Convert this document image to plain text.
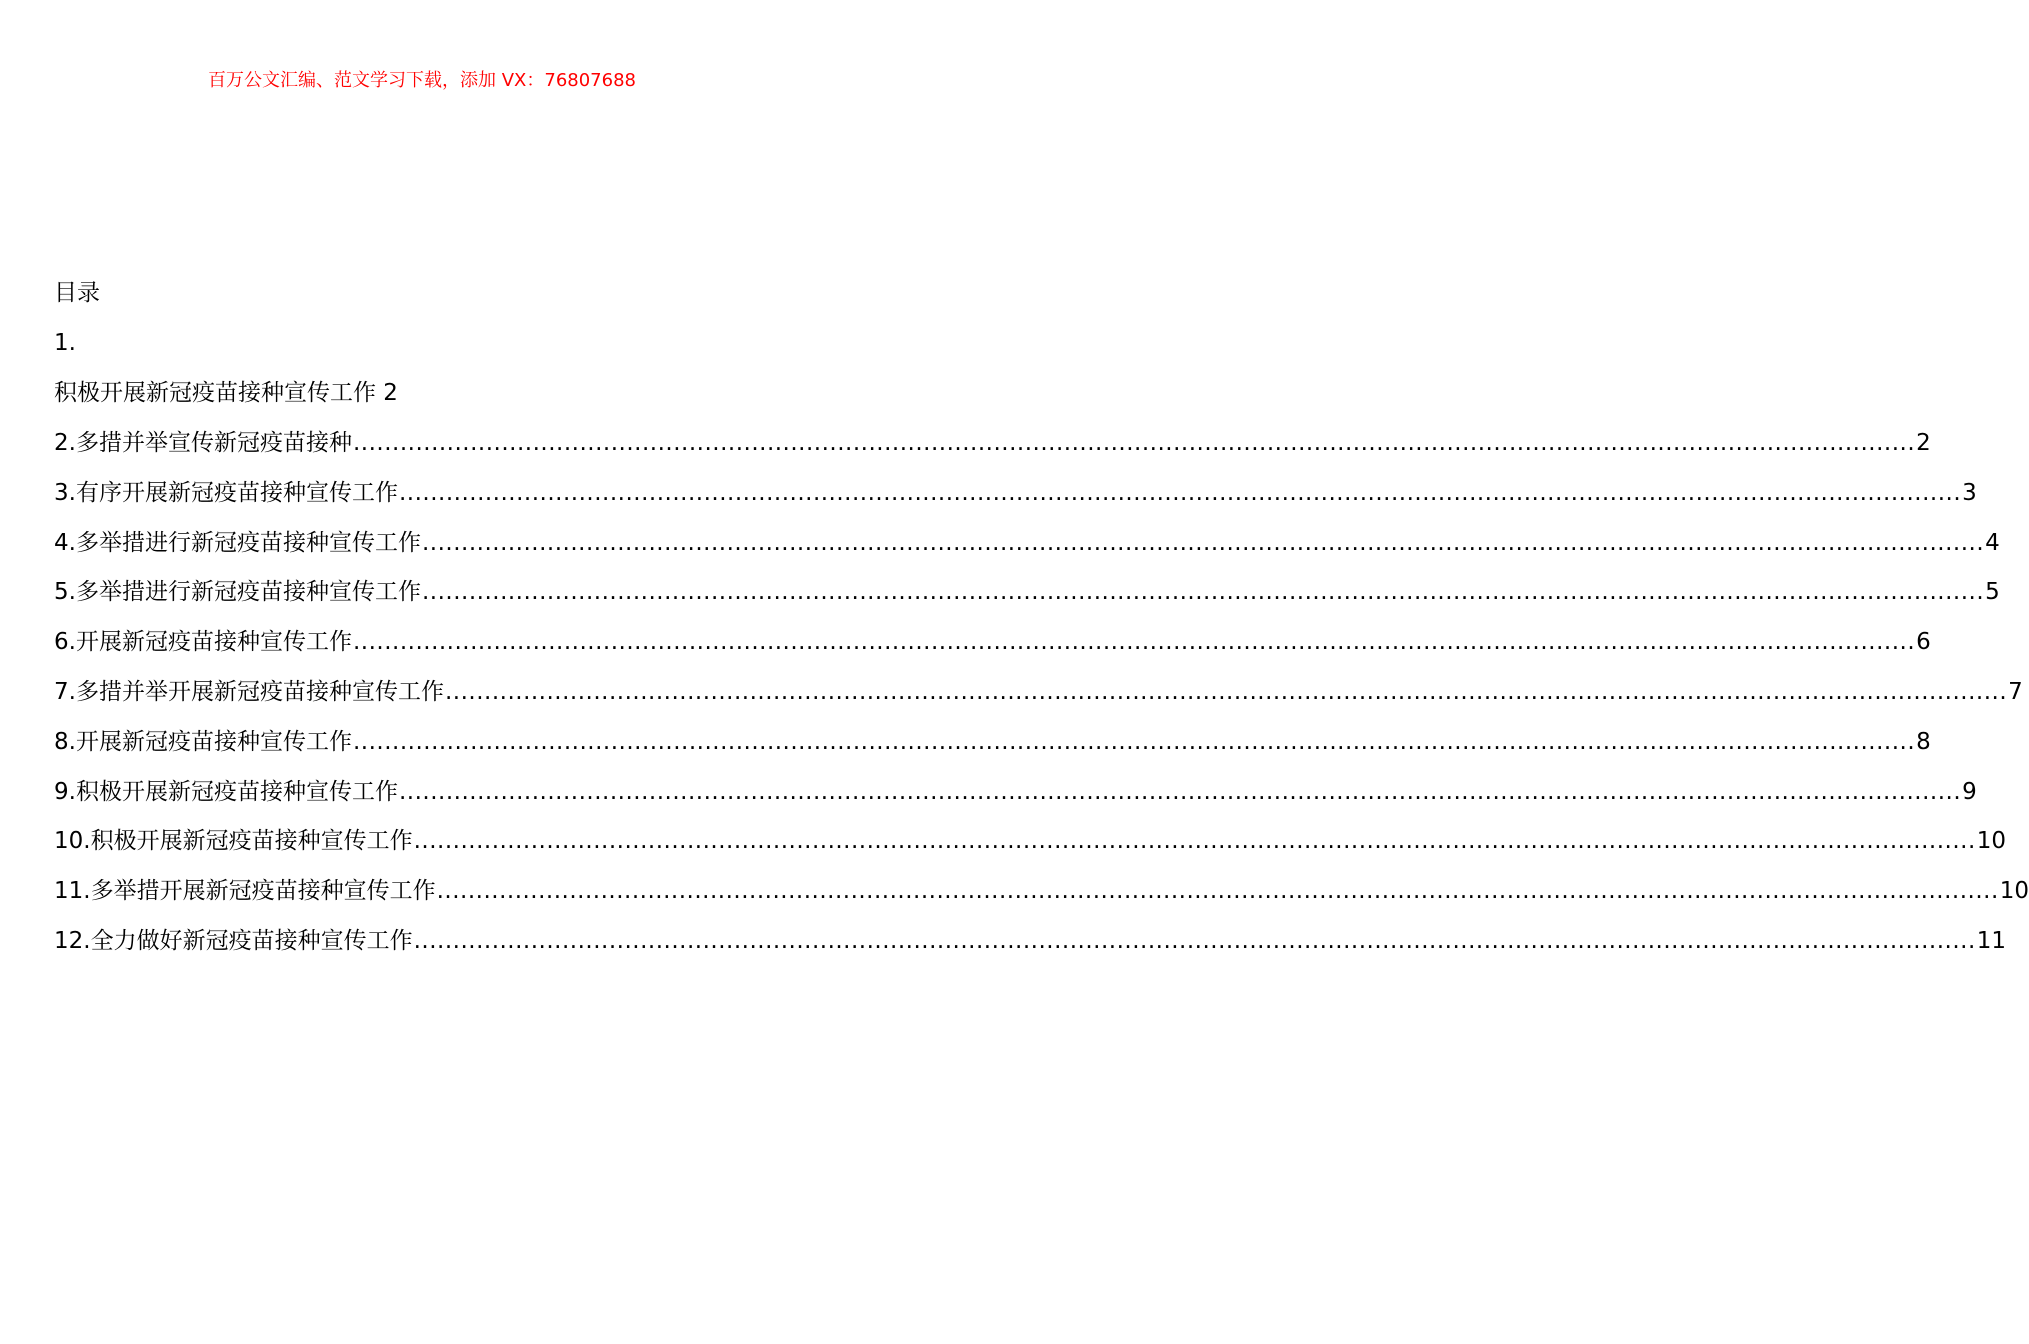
百万公文汇编、范文学习下载，添加 VX：76807688
目录
1.
积极开展新冠疫苗接种宣传工作 2
2.多措并举宣传新冠疫苗接种 ........................................................................................................................................................................................................ 2
3.有序开展新冠疫苗接种宣传工作 ........................................................................................................................................................................................................ 3
4.多举措进行新冠疫苗接种宣传工作 ........................................................................................................................................................................................................ 4
5.多举措进行新冠疫苗接种宣传工作 ........................................................................................................................................................................................................ 5
6.开展新冠疫苗接种宣传工作 ........................................................................................................................................................................................................ 6
7.多措并举开展新冠疫苗接种宣传工作 ........................................................................................................................................................................................................ 7
8.开展新冠疫苗接种宣传工作 ........................................................................................................................................................................................................ 8
9.积极开展新冠疫苗接种宣传工作 ........................................................................................................................................................................................................ 9
10.积极开展新冠疫苗接种宣传工作 ........................................................................................................................................................................................................ 10
11.多举措开展新冠疫苗接种宣传工作 ........................................................................................................................................................................................................ 10
12.全力做好新冠疫苗接种宣传工作 ........................................................................................................................................................................................................ 11
